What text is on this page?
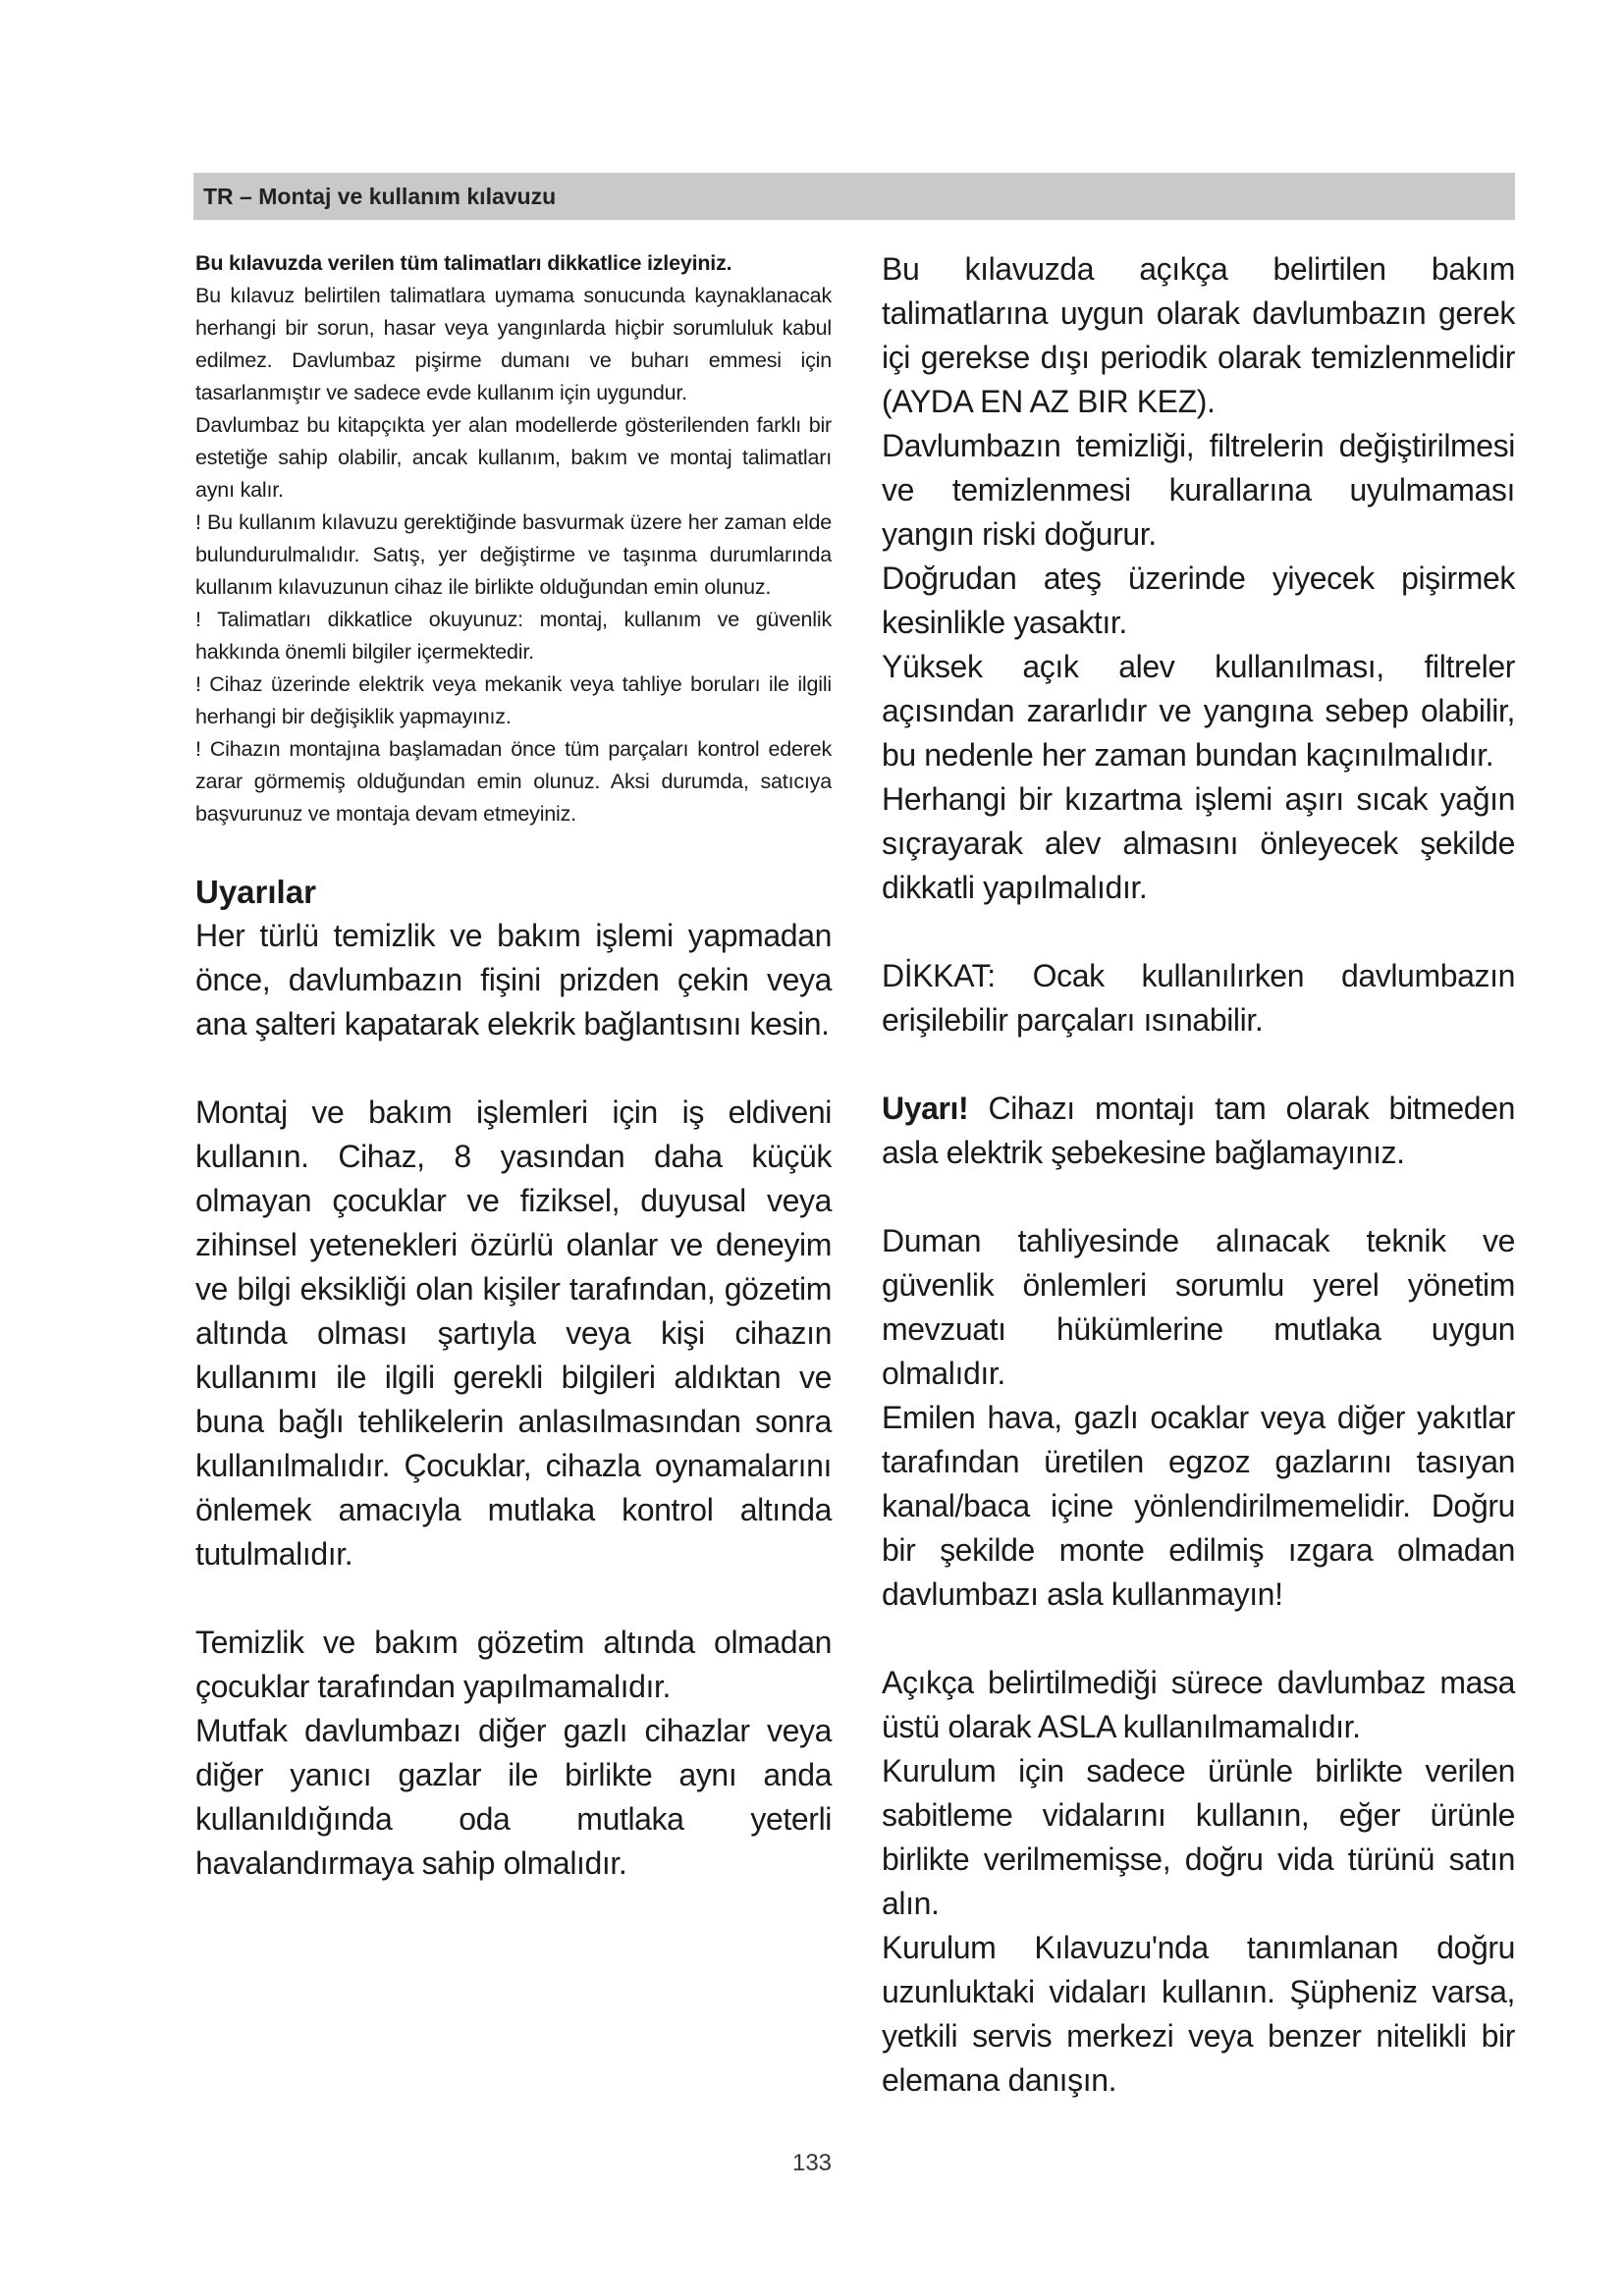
TR – Montaj ve kullanım kılavuzu

Bu kılavuzda verilen tüm talimatları dikkatlice izleyiniz.

Bu kılavuz belirtilen talimatlara uymama sonucunda kaynaklanacak herhangi bir sorun, hasar veya yangınlarda hiçbir sorumluluk kabul edilmez. Davlumbaz pişirme dumanı ve buharı emmesi için tasarlanmıştır ve sadece evde kullanım için uygundur.

Davlumbaz bu kitapçıkta yer alan modellerde gösterilenden farklı bir estetiğe sahip olabilir, ancak kullanım, bakım ve montaj talimatları aynı kalır.

! Bu kullanım kılavuzu gerektiğinde basvurmak üzere her zaman elde bulundurulmalıdır. Satış, yer değiştirme ve taşınma durumlarında kullanım kılavuzunun cihaz ile birlikte olduğundan emin olunuz.

! Talimatları dikkatlice okuyunuz: montaj, kullanım ve güvenlik hakkında önemli bilgiler içermektedir.

! Cihaz üzerinde elektrik veya mekanik veya tahliye boruları ile ilgili herhangi bir değişiklik yapmayınız.

! Cihazın montajına başlamadan önce tüm parçaları kontrol ederek zarar görmemiş olduğundan emin olunuz. Aksi durumda, satıcıya başvurunuz ve montaja devam etmeyiniz.

Uyarılar

Her türlü temizlik ve bakım işlemi yapmadan önce, davlumbazın fişini prizden çekin veya ana şalteri kapatarak elekrik bağlantısını kesin.

Montaj ve bakım işlemleri için iş eldiveni kullanın. Cihaz, 8 yasından daha küçük olmayan çocuklar ve fiziksel, duyusal veya zihinsel yetenekleri özürlü olanlar ve deneyim ve bilgi eksikliği olan kişiler tarafından, gözetim altında olması şartıyla veya kişi cihazın kullanımı ile ilgili gerekli bilgileri aldıktan ve buna bağlı tehlikelerin anlasılmasından sonra kullanılmalıdır. Çocuklar, cihazla oynamalarını önlemek amacıyla mutlaka kontrol altında tutulmalıdır.

Temizlik ve bakım gözetim altında olmadan çocuklar tarafından yapılmamalıdır.

Mutfak davlumbazı diğer gazlı cihazlar veya diğer yanıcı gazlar ile birlikte aynı anda kullanıldığında oda mutlaka yeterli havalandırmaya sahip olmalıdır.

Bu kılavuzda açıkça belirtilen bakım talimatlarına uygun olarak davlumbazın gerek içi gerekse dışı periodik olarak temizlenmelidir (AYDA EN AZ BIR KEZ).

Davlumbazın temizliği, filtrelerin değiştirilmesi ve temizlenmesi kurallarına uyulmaması yangın riski doğurur.

Doğrudan ateş üzerinde yiyecek pişirmek kesinlikle yasaktır.

Yüksek açık alev kullanılması, filtreler açısından zararlıdır ve yangına sebep olabilir, bu nedenle her zaman bundan kaçınılmalıdır.

Herhangi bir kızartma işlemi aşırı sıcak yağın sıçrayarak alev almasını önleyecek şekilde dikkatli yapılmalıdır.

DİKKAT: Ocak kullanılırken davlumbazın erişilebilir parçaları ısınabilir.

Uyarı! Cihazı montajı tam olarak bitmeden asla elektrik şebekesine bağlamayınız.

Duman tahliyesinde alınacak teknik ve güvenlik önlemleri sorumlu yerel yönetim mevzuatı hükümlerine mutlaka uygun olmalıdır.

Emilen hava, gazlı ocaklar veya diğer yakıtlar tarafından üretilen egzoz gazlarını tasıyan kanal/baca içine yönlendirilmemelidir. Doğru bir şekilde monte edilmiş ızgara olmadan davlumbazı asla kullanmayın!

Açıkça belirtilmediği sürece davlumbaz masa üstü olarak ASLA kullanılmamalıdır.

Kurulum için sadece ürünle birlikte verilen sabitleme vidalarını kullanın, eğer ürünle birlikte verilmemişse, doğru vida türünü satın alın.

Kurulum Kılavuzu'nda tanımlanan doğru uzunluktaki vidaları kullanın. Şüpheniz varsa, yetkili servis merkezi veya benzer nitelikli bir elemana danışın.

133
